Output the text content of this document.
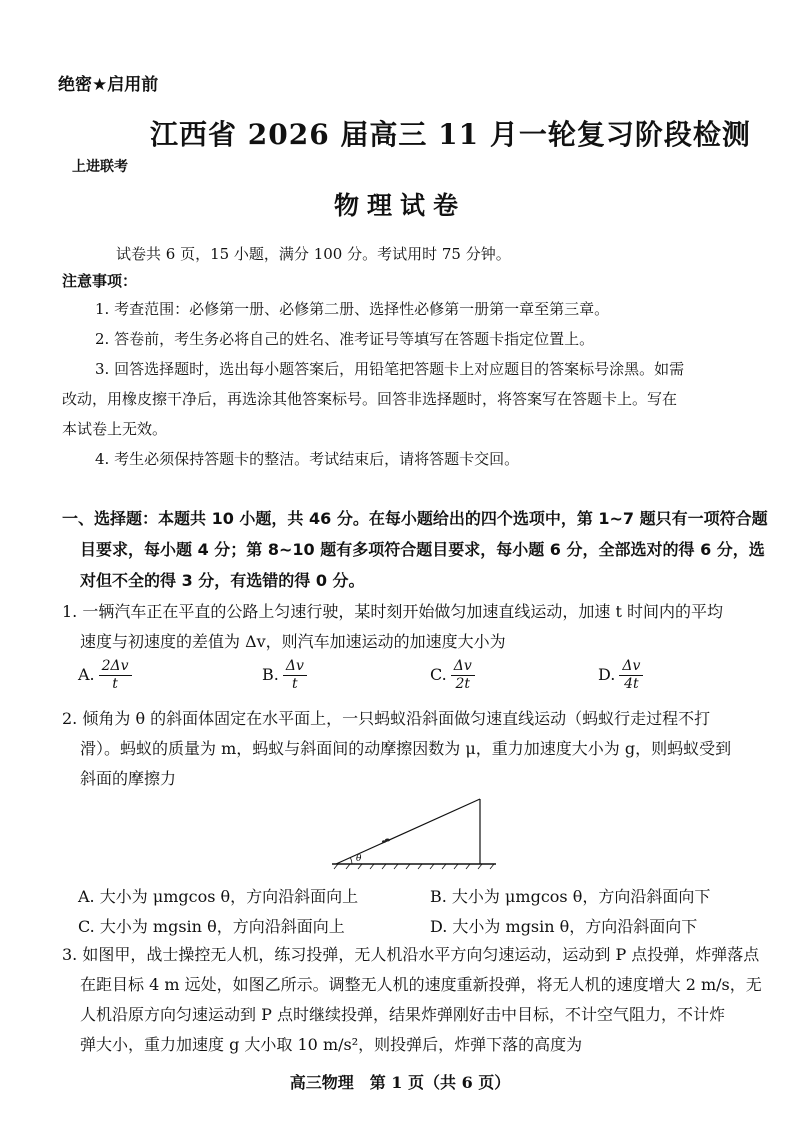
绝密★启用前
江西省 2026 届高三 11 月一轮复习阶段检测
上进联考
物理试卷
试卷共 6 页，15 小题，满分 100 分。考试用时 75 分钟。
注意事项：
1. 考查范围：必修第一册、必修第二册、选择性必修第一册第一章至第三章。
2. 答卷前，考生务必将自己的姓名、准考证号等填写在答题卡指定位置上。
3. 回答选择题时，选出每小题答案后，用铅笔把答题卡上对应题目的答案标号涂黑。如需
改动，用橡皮擦干净后，再选涂其他答案标号。回答非选择题时，将答案写在答题卡上。写在
本试卷上无效。
4. 考生必须保持答题卡的整洁。考试结束后，请将答题卡交回。
一、选择题：本题共 10 小题，共 46 分。在每小题给出的四个选项中，第 1~7 题只有一项符合题
目要求，每小题 4 分；第 8~10 题有多项符合题目要求，每小题 6 分，全部选对的得 6 分，选
对但不全的得 3 分，有选错的得 0 分。
1. 一辆汽车正在平直的公路上匀速行驶，某时刻开始做匀加速直线运动，加速 t 时间内的平均
速度与初速度的差值为 Δv，则汽车加速运动的加速度大小为
A. $\frac{2\Delta v}{t}$	B. $\frac{\Delta v}{t}$	C. $\frac{\Delta v}{2t}$	D. $\frac{\Delta v}{4t}$
2. 倾角为 θ 的斜面体固定在水平面上，一只蚂蚁沿斜面做匀速直线运动（蚂蚁行走过程不打
滑）。蚂蚁的质量为 m，蚂蚁与斜面间的动摩擦因数为 μ，重力加速度大小为 g，则蚂蚁受到
斜面的摩擦力
θ
A. 大小为 μmgcos θ，方向沿斜面向上	B. 大小为 μmgcos θ，方向沿斜面向下
C. 大小为 mgsin θ，方向沿斜面向上	D. 大小为 mgsin θ，方向沿斜面向下
3. 如图甲，战士操控无人机，练习投弹，无人机沿水平方向匀速运动，运动到 P 点投弹，炸弹落点
在距目标 4 m 远处，如图乙所示。调整无人机的速度重新投弹，将无人机的速度增大 2 m/s，无
人机沿原方向匀速运动到 P 点时继续投弹，结果炸弹刚好击中目标，不计空气阻力，不计炸
弹大小，重力加速度 g 大小取 10 m/s²，则投弹后，炸弹下落的高度为
高三物理　第 1 页（共 6 页）
